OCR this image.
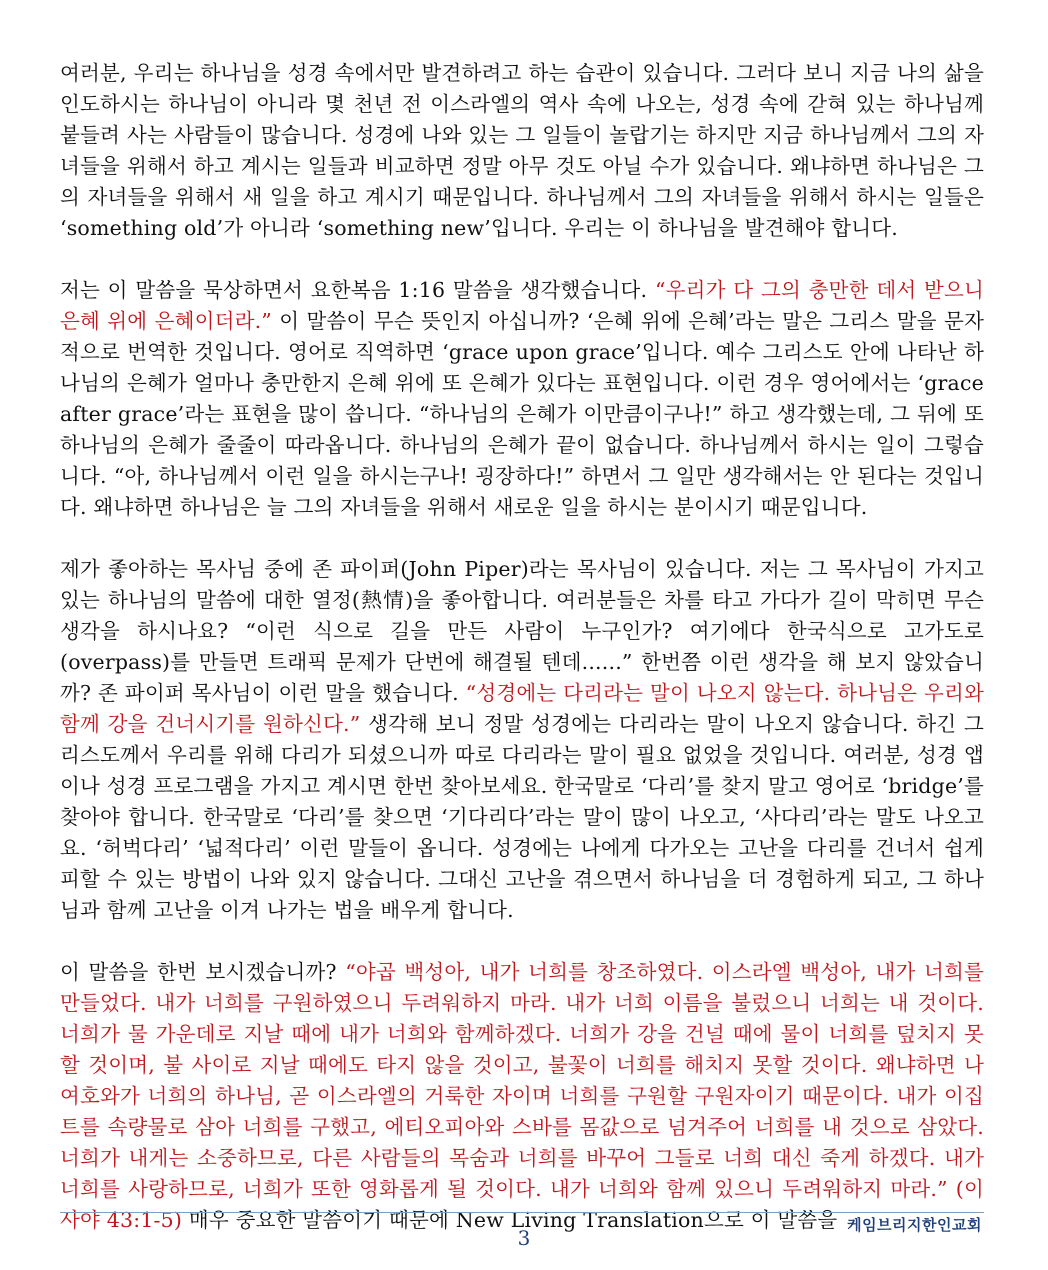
여러분, 우리는 하나님을 성경 속에서만 발견하려고 하는 습관이 있습니다. 그러다 보니 지금 나의 삶을 인도하시는 하나님이 아니라 몇 천년 전 이스라엘의 역사 속에 나오는, 성경 속에 갇혀 있는 하나님께 붙들려 사는 사람들이 많습니다. 성경에 나와 있는 그 일들이 놀랍기는 하지만 지금 하나님께서 그의 자녀들을 위해서 하고 계시는 일들과 비교하면 정말 아무 것도 아닐 수가 있습니다. 왜냐하면 하나님은 그의 자녀들을 위해서 새 일을 하고 계시기 때문입니다. 하나님께서 그의 자녀들을 위해서 하시는 일들은 ‘something old’가 아니라 ‘something new’입니다. 우리는 이 하나님을 발견해야 합니다.

저는 이 말씀을 묵상하면서 요한복음 1:16 말씀을 생각했습니다. “우리가 다 그의 충만한 데서 받으니 은혜 위에 은혜이더라.” 이 말씀이 무슨 뜻인지 아십니까? ‘은혜 위에 은혜’라는 말은 그리스 말을 문자적으로 번역한 것입니다. 영어로 직역하면 ‘grace upon grace’입니다. 예수 그리스도 안에 나타난 하나님의 은혜가 얼마나 충만한지 은혜 위에 또 은혜가 있다는 표현입니다. 이런 경우 영어에서는 ‘grace after grace’라는 표현을 많이 씁니다. “하나님의 은혜가 이만큼이구나!” 하고 생각했는데, 그 뒤에 또 하나님의 은혜가 줄줄이 따라옵니다. 하나님의 은혜가 끝이 없습니다. 하나님께서 하시는 일이 그렇습니다. “아, 하나님께서 이런 일을 하시는구나! 굉장하다!” 하면서 그 일만 생각해서는 안 된다는 것입니다. 왜냐하면 하나님은 늘 그의 자녀들을 위해서 새로운 일을 하시는 분이시기 때문입니다.

제가 좋아하는 목사님 중에 존 파이퍼(John Piper)라는 목사님이 있습니다. 저는 그 목사님이 가지고 있는 하나님의 말씀에 대한 열정(熱情)을 좋아합니다. 여러분들은 차를 타고 가다가 길이 막히면 무슨 생각을 하시나요? “이런 식으로 길을 만든 사람이 누구인가? 여기에다 한국식으로 고가도로(overpass)를 만들면 트래픽 문제가 단번에 해결될 텐데......” 한번쯤 이런 생각을 해 보지 않았습니까? 존 파이퍼 목사님이 이런 말을 했습니다. “성경에는 다리라는 말이 나오지 않는다. 하나님은 우리와 함께 강을 건너시기를 원하신다.” 생각해 보니 정말 성경에는 다리라는 말이 나오지 않습니다. 하긴 그리스도께서 우리를 위해 다리가 되셨으니까 따로 다리라는 말이 필요 없었을 것입니다. 여러분, 성경 앱이나 성경 프로그램을 가지고 계시면 한번 찾아보세요. 한국말로 ‘다리’를 찾지 말고 영어로 ‘bridge’를 찾아야 합니다. 한국말로 ‘다리’를 찾으면 ‘기다리다’라는 말이 많이 나오고, ‘사다리’라는 말도 나오고요. ‘허벅다리’ ‘넓적다리’ 이런 말들이 옵니다. 성경에는 나에게 다가오는 고난을 다리를 건너서 쉽게 피할 수 있는 방법이 나와 있지 않습니다. 그대신 고난을 겪으면서 하나님을 더 경험하게 되고, 그 하나님과 함께 고난을 이겨 나가는 법을 배우게 합니다.

이 말씀을 한번 보시겠습니까? “야곱 백성아, 내가 너희를 창조하였다. 이스라엘 백성아, 내가 너희를 만들었다. 내가 너희를 구원하였으니 두려워하지 마라. 내가 너희 이름을 불렀으니 너희는 내 것이다. 너희가 물 가운데로 지날 때에 내가 너희와 함께하겠다. 너희가 강을 건널 때에 물이 너희를 덮치지 못할 것이며, 불 사이로 지날 때에도 타지 않을 것이고, 불꽃이 너희를 해치지 못할 것이다. 왜냐하면 나 여호와가 너희의 하나님, 곧 이스라엘의 거룩한 자이며 너희를 구원할 구원자이기 때문이다. 내가 이집트를 속량물로 삼아 너희를 구했고, 에티오피아와 스바를 몸값으로 넘겨주어 너희를 내 것으로 삼았다. 너희가 내게는 소중하므로, 다른 사람들의 목숨과 너희를 바꾸어 그들로 너희 대신 죽게 하겠다. 내가 너희를 사랑하므로, 너희가 또한 영화롭게 될 것이다. 내가 너희와 함께 있으니 두려워하지 마라.” (이사야 43:1-5) 매우 중요한 말씀이기 때문에 New Living Translation으로 이 말씀을 케임브리지한인교회
3
